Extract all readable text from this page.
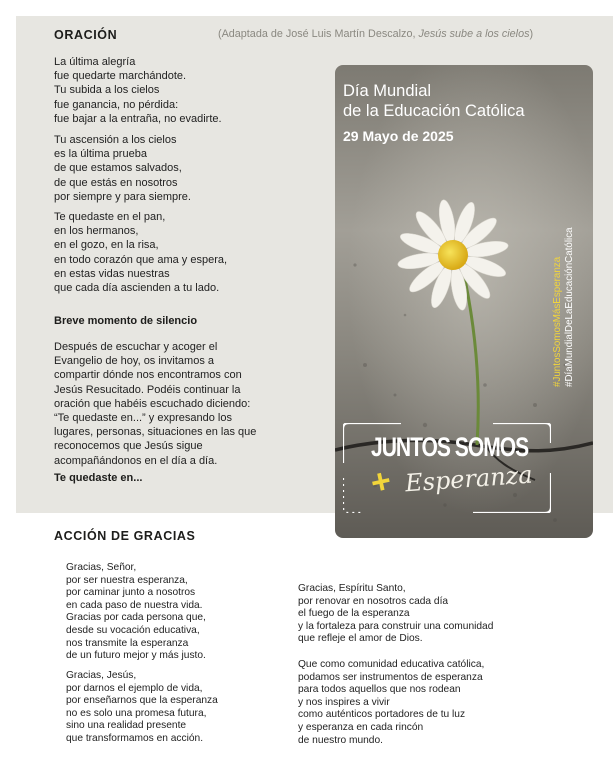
ORACIÓN	(Adaptada de José Luis Martín Descalzo, Jesús sube a los cielos)
La última alegría
fue quedarte marchándote.
Tu subida a los cielos
fue ganancia, no pérdida:
fue bajar a la entraña, no evadirte.
Tu ascensión a los cielos
es la última prueba
de que estamos salvados,
de que estás en nosotros
por siempre y para siempre.
Te quedaste en el pan,
en los hermanos,
en el gozo, en la risa,
en todo corazón que ama y espera,
en estas vidas nuestras
que cada día ascienden a tu lado.
Breve momento de silencio
Después de escuchar y acoger el
Evangelio de hoy, os invitamos a
compartir dónde nos encontramos con
Jesús Resucitado. Podéis continuar la
oración que habéis escuchado diciendo:
“Te quedaste en...” y expresando los
lugares, personas, situaciones en las que
reconocemos que Jesús sigue
acompañándonos en el día a día.
Te quedaste en...
Día Mundial
de la Educación Católica
29 Mayo de 2025
#JuntosSomosMásEsperanza #DíaMundialDeLaEducaciónCatólica
JUNTOS SOMOS
+ Esperanza
ACCIÓN DE GRACIAS
Gracias, Señor,
por ser nuestra esperanza,
por caminar junto a nosotros
en cada paso de nuestra vida.
Gracias por cada persona que,
desde su vocación educativa,
nos transmite la esperanza
de un futuro mejor y más justo.
Gracias, Jesús,
por darnos el ejemplo de vida,
por enseñarnos que la esperanza
no es solo una promesa futura,
sino una realidad presente
que transformamos en acción.
Gracias, Espíritu Santo,
por renovar en nosotros cada día
el fuego de la esperanza
y la fortaleza para construir una comunidad
que refleje el amor de Dios.
Que como comunidad educativa católica,
podamos ser instrumentos de esperanza
para todos aquellos que nos rodean
y nos inspires a vivir
como auténticos portadores de tu luz
y esperanza en cada rincón
de nuestro mundo.
